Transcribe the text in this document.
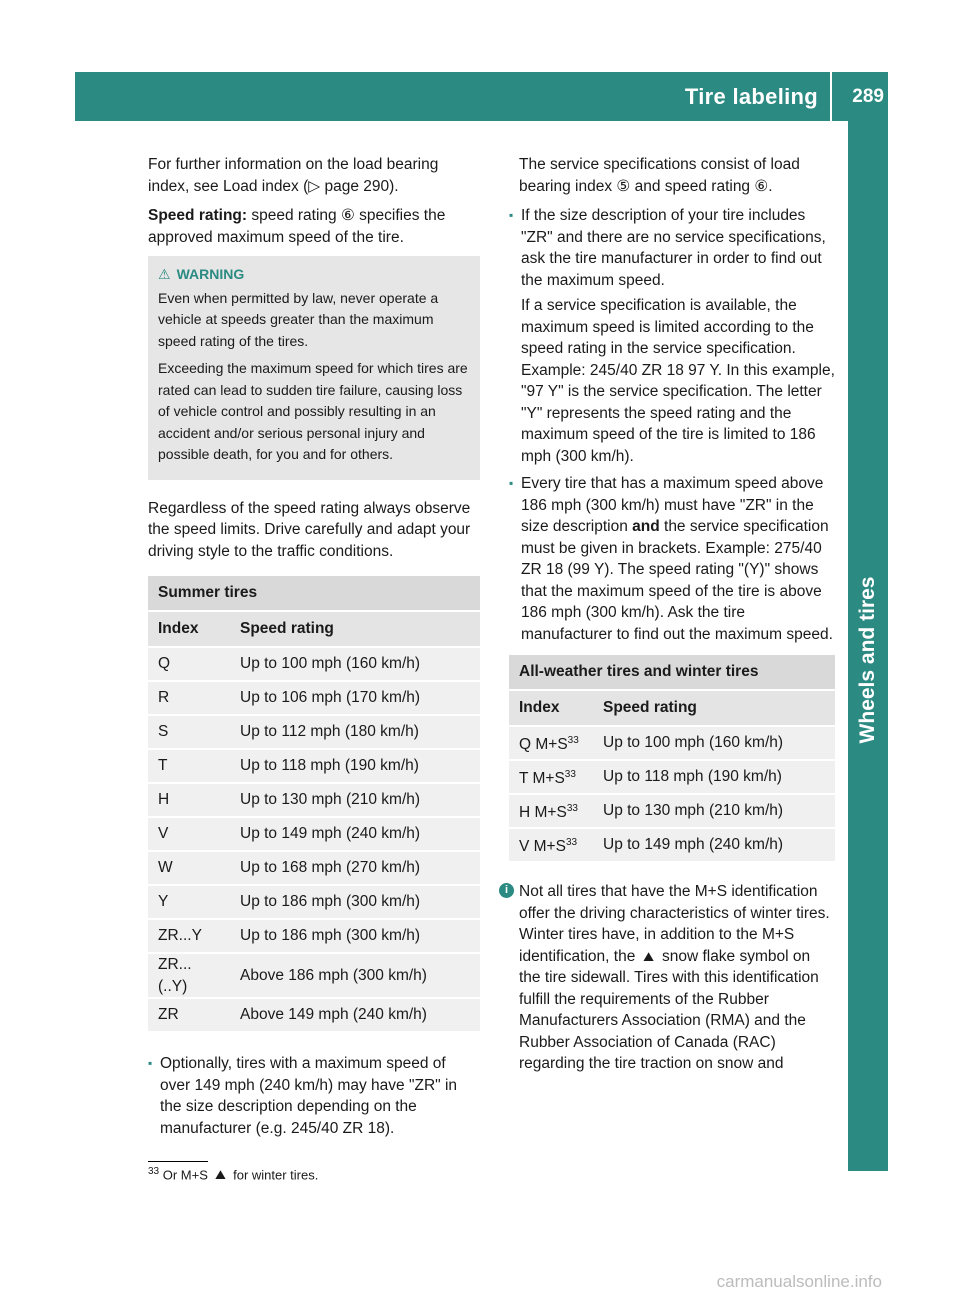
Tire labeling 289
Wheels and tires

For further information on the load bearing index, see Load index (▷ page 290).

Speed rating: speed rating ⑥ specifies the approved maximum speed of the tire.

⚠ WARNING

Even when permitted by law, never operate a vehicle at speeds greater than the maximum speed rating of the tires.

Exceeding the maximum speed for which tires are rated can lead to sudden tire failure, causing loss of vehicle control and possibly resulting in an accident and/or serious personal injury and possible death, for you and for others.

Regardless of the speed rating always observe the speed limits. Drive carefully and adapt your driving style to the traffic conditions.

Summer tires	
Index	Speed rating
Q	Up to 100 mph (160 km/h)
R	Up to 106 mph (170 km/h)
S	Up to 112 mph (180 km/h)
T	Up to 118 mph (190 km/h)
H	Up to 130 mph (210 km/h)
V	Up to 149 mph (240 km/h)
W	Up to 168 mph (270 km/h)
Y	Up to 186 mph (300 km/h)
ZR...Y	Up to 186 mph (300 km/h)
ZR...(..Y)	Above 186 mph (300 km/h)
ZR	Above 149 mph (240 km/h)

▪ Optionally, tires with a maximum speed of over 149 mph (240 km/h) may have "ZR" in the size description depending on the manufacturer (e.g. 245/40 ZR 18).

The service specifications consist of load bearing index ⑤ and speed rating ⑥.

▪ If the size description of your tire includes "ZR" and there are no service specifications, ask the tire manufacturer in order to find out the maximum speed.

If a service specification is available, the maximum speed is limited according to the speed rating in the service specification. Example: 245/40 ZR 18 97 Y. In this example, "97 Y" is the service specification. The letter "Y" represents the speed rating and the maximum speed of the tire is limited to 186 mph (300 km/h).

▪ Every tire that has a maximum speed above 186 mph (300 km/h) must have "ZR" in the size description and the service specification must be given in brackets. Example: 275/40 ZR 18 (99 Y). The speed rating "(Y)" shows that the maximum speed of the tire is above 186 mph (300 km/h). Ask the tire manufacturer to find out the maximum speed.

All-weather tires and winter tires	
Index	Speed rating
Q $M+S^{33}$	Up to 100 mph (160 km/h)
T $M+S^{33}$	Up to 118 mph (190 km/h)
H $M+S^{33}$	Up to 130 mph (210 km/h)
V $M+S^{33}$	Up to 149 mph (240 km/h)
i Not all tires that have the M+S identification offer the driving characteristics of winter tires. Winter tires have, in addition to the M+S identification, the ⛰ snow flake symbol on the tire sidewall. Tires with this identification fulfill the requirements of the Rubber Manufacturers Association (RMA) and the Rubber Association of Canada (RAC) regarding the tire traction on snow and

$^{33}$ Or M+S ⛰ for winter tires.
carmanualsonline.info
